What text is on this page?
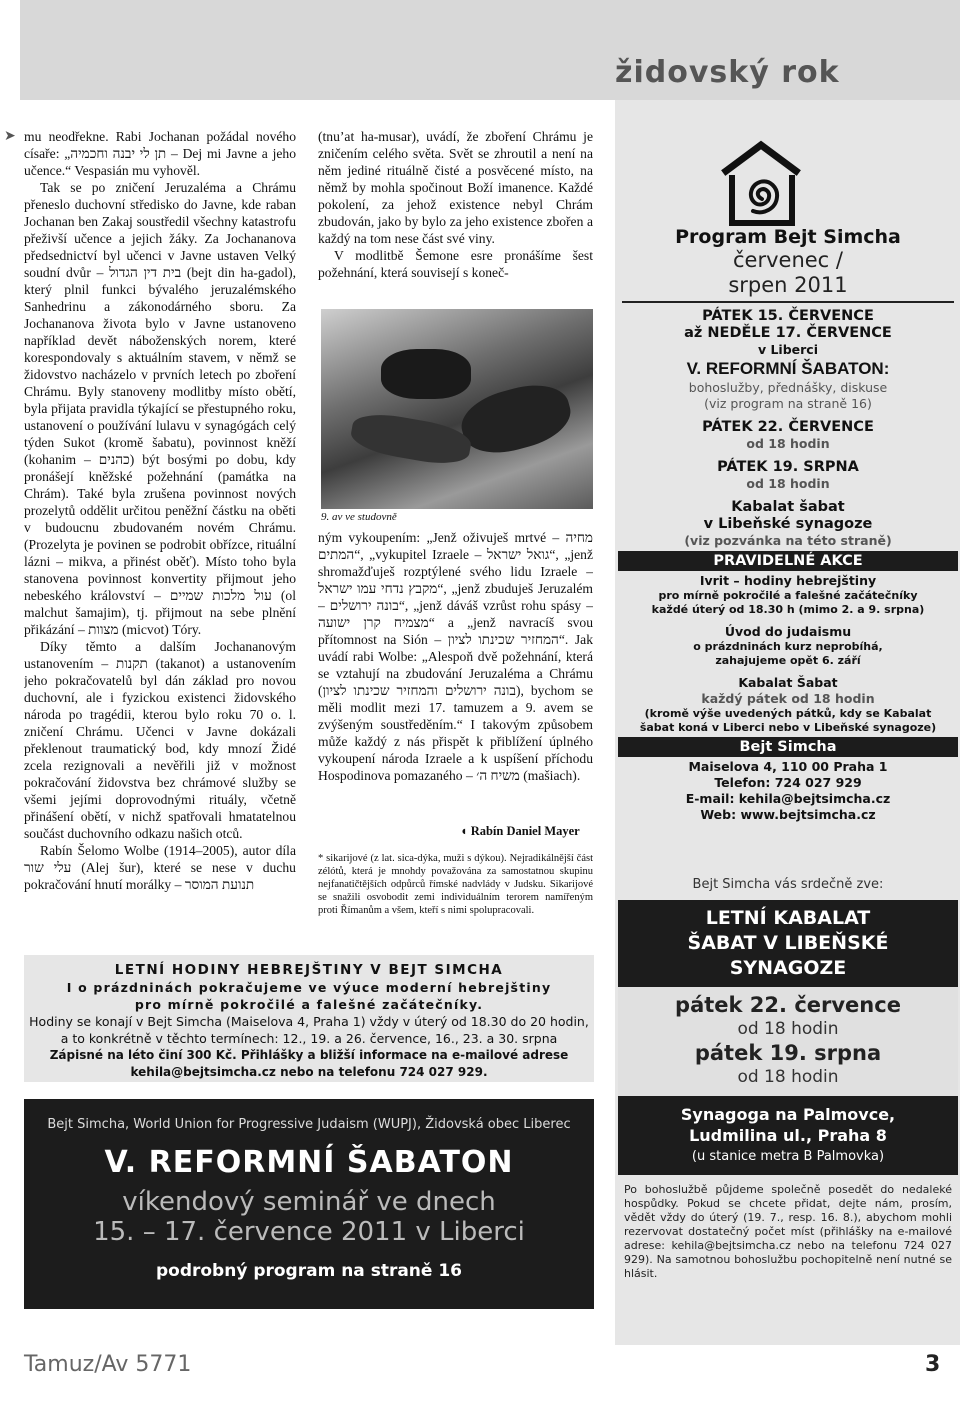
židovský rok
➤ mu neodřekne. Rabi Jochanan požádal nového císaře: „תן לי יבנה וחכמיה – Dej mi Javne a jeho učence.“ Vespasián mu vyhověl.

Tak se po zničení Jeruzaléma a Chrámu přeneslo duchovní středisko do Javne, kde raban Jochanan ben Zakaj soustředil všechny katastrofu přeživší učence a jejich žáky. Za Jochananova předsednictví byl učenci v Javne ustaven Velký soudní dvůr – בית דין הגדול (bejt din ha-gadol), který plnil funkci bývalého jeruzalémského Sanhedrinu a zákonodárného sboru. Za Jochananova života bylo v Javne ustanoveno například devět náboženských norem, které korespondovaly s aktuálním stavem, v němž se židovstvo nacházelo v prvních letech po zboření Chrámu. Byly stanoveny modlitby místo obětí, byla přijata pravidla týkající se přestupného roku, ustanovení o používání lulavu v synagógách celý týden Sukot (kromě šabatu), povinnost kněží (kohanim – כהנים) být bosými po dobu, kdy pronášejí kněžské požehnání (památka na Chrám). Také byla zrušena povinnost nových prozelytů oddělit určitou peněžní částku na oběti v budoucnu zbudovaném novém Chrámu. (Prozelyta je povinen se podrobit obřízce, rituální lázni – mikva, a přinést oběť). Místo toho byla stanovena povinnost konvertity přijmout jeho nebeského království – עול מלכות שמיים (ol malchut šamajim), tj. přijmout na sebe plnění přikázání – מצוות (micvot) Tóry.

Díky těmto a dalším Jochananovým ustanovením – תקנות (takanot) a ustanovením jeho pokračovatelů byl dán základ pro novou duchovní, ale i fyzickou existenci židovského národa po tragédii, kterou bylo roku 70 o. l. zničení Chrámu. Učenci v Javne dokázali překlenout traumatický bod, kdy mnozí Židé zcela rezignovali a nevěřili již v možnost pokračování židovstva bez chrámové služby se všemi jejími doprovodnými rituály, včetně přinášení obětí, v nichž spatřovali hmatatelnou součást duchovního odkazu našich otců.

Rabín Šelomo Wolbe (1914–2005), autor díla עלי שור (Alej šur), které se nese v duchu pokračování hnutí morálky – תנועת המוסר

(tnu’at ha-musar), uvádí, že zboření Chrámu je zničením celého světa. Svět se zhroutil a není na něm jediné rituálně čisté a posvěcené místo, na němž by mohla spočinout Boží imanence. Každé pokolení, za jehož existence nebyl Chrám zbudován, jako by bylo za jeho existence zbořen a každý na tom nese část své viny.

V modlitbě Šemone esre pronášíme šest požehnání, která souvisejí s koneč-

9. av ve studovně

ným vykoupením: „Jenž oživuješ mrtvé – מחיה המתים“, „vykupitel Izraele – גואל ישראל“, „jenž shromažďuješ rozptýlené svého lidu Izraele – מקבץ נדחי עמו ישראל“, „jenž zbuduješ Jeruzalém – בונה ירושלים“, „jenž dáváš vzrůst rohu spásy – מצמיח קרן ישועה“ a „jenž navracíš svou přítomnost na Sión – המחזיר שכינתו לציון“. Jak uvádí rabi Wolbe: „Alespoň dvě požehnání, která se vztahují na zbudování Jeruzaléma a Chrámu (בונה ירושלים והמחזיר שכינתו לציון), bychom se měli modlit mezi 17. tamuzem a 9. avem se zvýšeným soustředěním.“ I takovým způsobem může každý z nás přispět k přiblížení úplného vykoupení národa Izraele a k uspíšení příchodu Hospodinova pomazaného – משיח ה׳ (mašiach).

◖ Rabín Daniel Mayer
* sikarijové (z lat. sica-dýka, muži s dýkou). Nejradikálnější část zélótů, která je mnohdy považována za samostatnou skupinu nejfanatičtějších odpůrců římské nadvlády v Judsku. Sikarijové se snažili osvobodit zemi individuálním terorem namířeným proti Římanům a všem, kteří s nimi spolupracovali.
Program Bejt Simcha
červenec /
srpen 2011
PÁTEK 15. ČERVENCE
až NEDĚLE 17. ČERVENCE
v Liberci
V. REFORMNÍ ŠABATON:
bohoslužby, přednášky, diskuse
(viz program na straně 16)
PÁTEK 22. ČERVENCE
od 18 hodin
PÁTEK 19. SRPNA
od 18 hodin
Kabalat šabat
v Libeňské synagoze
(viz pozvánka na této straně)
PRAVIDELNÉ AKCE
Ivrit – hodiny hebrejštiny
pro mírně pokročilé a falešné začátečníky
každé úterý od 18.30 h (mimo 2. a 9. srpna)
Úvod do judaismu
o prázdninách kurz neprobíhá,
zahajujeme opět 6. září
Kabalat Šabat
každý pátek od 18 hodin
(kromě výše uvedených pátků, kdy se Kabalat
šabat koná v Liberci nebo v Libeňské synagoze)
Bejt Simcha
Maiselova 4, 110 00 Praha 1
Telefon: 724 027 929
E-mail: kehila@bejtsimcha.cz
Web: www.bejtsimcha.cz
Bejt Simcha vás srdečně zve:
LETNÍ KABALAT
ŠABAT V LIBEŇSKÉ
SYNAGOZE
pátek 22. července
od 18 hodin
pátek 19. srpna
od 18 hodin
Synagoga na Palmovce,
Ludmilina ul., Praha 8
(u stanice metra B Palmovka)
Po bohoslužbě půjdeme společně posedět do nedaleké hospůdky. Pokud se chcete přidat, dejte nám, prosím, vědět vždy do úterý (19. 7., resp. 16. 8.), abychom mohli rezervovat dostatečný počet míst (přihlášky na e-mailové adrese: kehila@bejtsimcha.cz nebo na telefonu 724 027 929). Na samotnou bohoslužbu pochopitelně není nutné se hlásit.
LETNÍ HODINY HEBREJŠTINY V BEJT SIMCHA
I o prázdninách pokračujeme ve výuce moderní hebrejštiny
pro mírně pokročilé a falešné začátečníky.
Hodiny se konají v Bejt Simcha (Maiselova 4, Praha 1) vždy v úterý od 18.30 do 20 hodin,
a to konkrétně v těchto termínech: 12., 19. a 26. července, 16., 23. a 30. srpna
Zápisné na léto činí 300 Kč. Přihlášky a bližší informace na e-mailové adrese
kehila@bejtsimcha.cz nebo na telefonu 724 027 929.
Bejt Simcha, World Union for Progressive Judaism (WUPJ), Židovská obec Liberec
V. REFORMNÍ ŠABATON
víkendový seminář ve dnech
15. – 17. července 2011 v Liberci
podrobný program na straně 16
Tamuz/Av 5771	3
